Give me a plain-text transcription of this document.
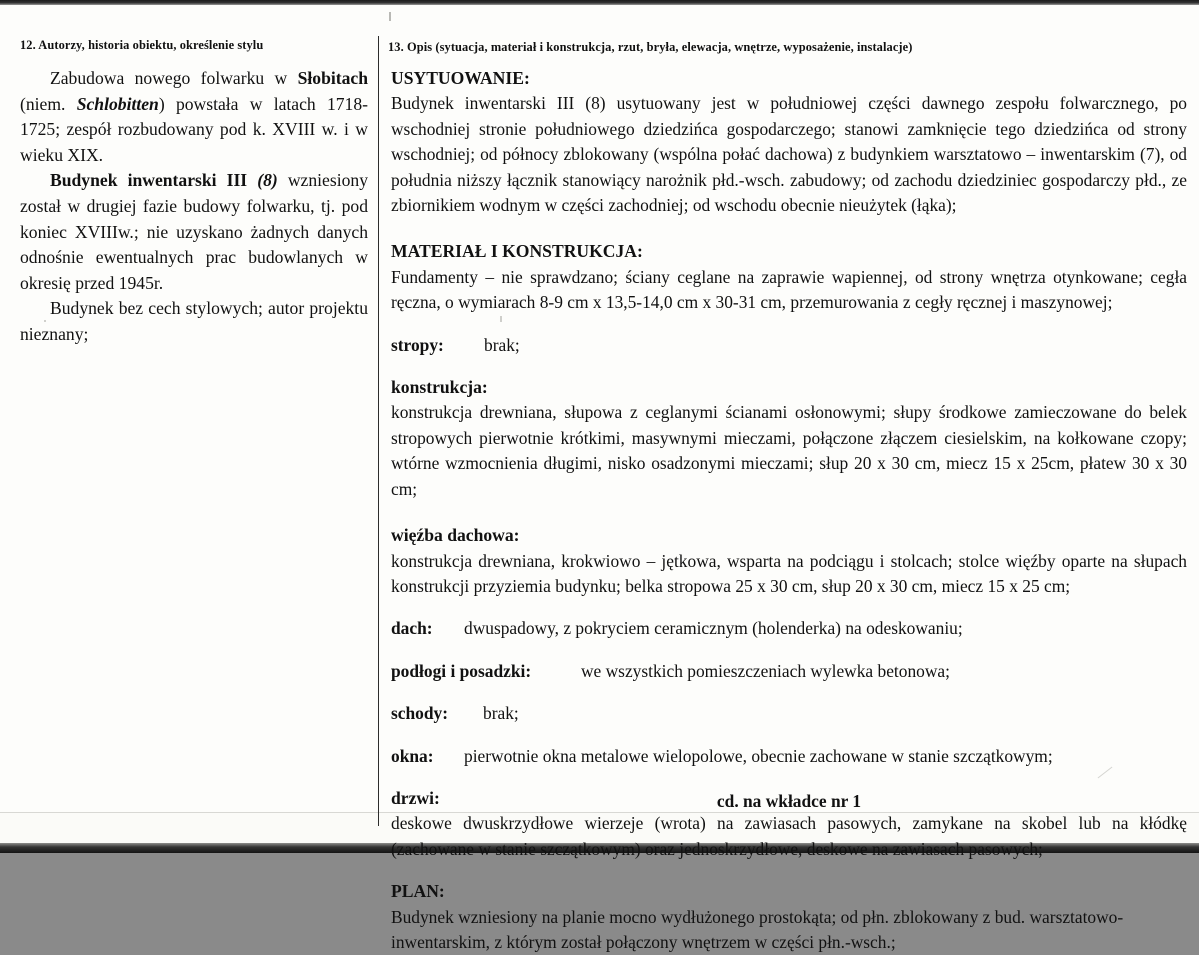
12. Autorzy, historia obiektu, określenie stylu

Zabudowa nowego folwarku w Słobitach (niem. Schlobitten) powstała w latach 1718-1725; zespół rozbudowany pod k. XVIII w. i w wieku XIX.

Budynek inwentarski III (8) wzniesiony został w drugiej fazie budowy folwarku, tj. pod koniec XVIIIw.; nie uzyskano żadnych danych odnośnie ewentualnych prac budowlanych w okresię przed 1945r.

Budynek bez cech stylowych; autor projektu nieznany;

13. Opis (sytuacja, materiał i konstrukcja, rzut, bryła, elewacja, wnętrze, wyposażenie, instalacje)

USYTUOWANIE:

Budynek inwentarski III (8) usytuowany jest w południowej części dawnego zespołu folwarcznego, po wschodniej stronie południowego dziedzińca gospodarczego; stanowi zamknięcie tego dziedzińca od strony wschodniej; od północy zblokowany (wspólna połać dachowa) z budynkiem warsztatowo – inwentarskim (7), od południa niższy łącznik stanowiący narożnik płd.-wsch. zabudowy; od zachodu dziedziniec gospodarczy płd., ze zbiornikiem wodnym w części zachodniej; od wschodu obecnie nieużytek (łąka);

MATERIAŁ I KONSTRUKCJA:

Fundamenty – nie sprawdzano; ściany ceglane na zaprawie wapiennej, od strony wnętrza otynkowane; cegła ręczna, o wymiarach 8-9 cm x 13,5-14,0 cm x 30-31 cm, przemurowania z cegły ręcznej i maszynowej;

stropy: brak;

konstrukcja:

konstrukcja drewniana, słupowa z ceglanymi ścianami osłonowymi; słupy środkowe zamieczowane do belek stropowych pierwotnie krótkimi, masywnymi mieczami, połączone złączem ciesielskim, na kołkowane czopy; wtórne wzmocnienia długimi, nisko osadzonymi mieczami; słup 20 x 30 cm, miecz 15 x 25cm, płatew 30 x 30 cm;

więźba dachowa:

konstrukcja drewniana, krokwiowo – jętkowa, wsparta na podciągu i stolcach; stolce więźby oparte na słupach konstrukcji przyziemia budynku; belka stropowa 25 x 30 cm, słup 20 x 30 cm, miecz 15 x 25 cm;

dach: dwuspadowy, z pokryciem ceramicznym (holenderka) na odeskowaniu;

podłogi i posadzki:	we wszystkich pomieszczeniach wylewka betonowa;

schody: brak;

okna: pierwotnie okna metalowe wielopolowe, obecnie zachowane w stanie szczątkowym;

drzwi:

deskowe dwuskrzydłowe wierzeje (wrota) na zawiasach pasowych, zamykane na skobel lub na kłódkę (zachowane w stanie szczątkowym) oraz jednoskrzydłowe, deskowe na zawiasach pasowych;

PLAN:

Budynek wzniesiony na planie mocno wydłużonego prostokąta; od płn. zblokowany z bud. warsztatowo-inwentarskim, z którym został połączony wnętrzem w części płn.-wsch.;

cd. na wkładce nr 1
